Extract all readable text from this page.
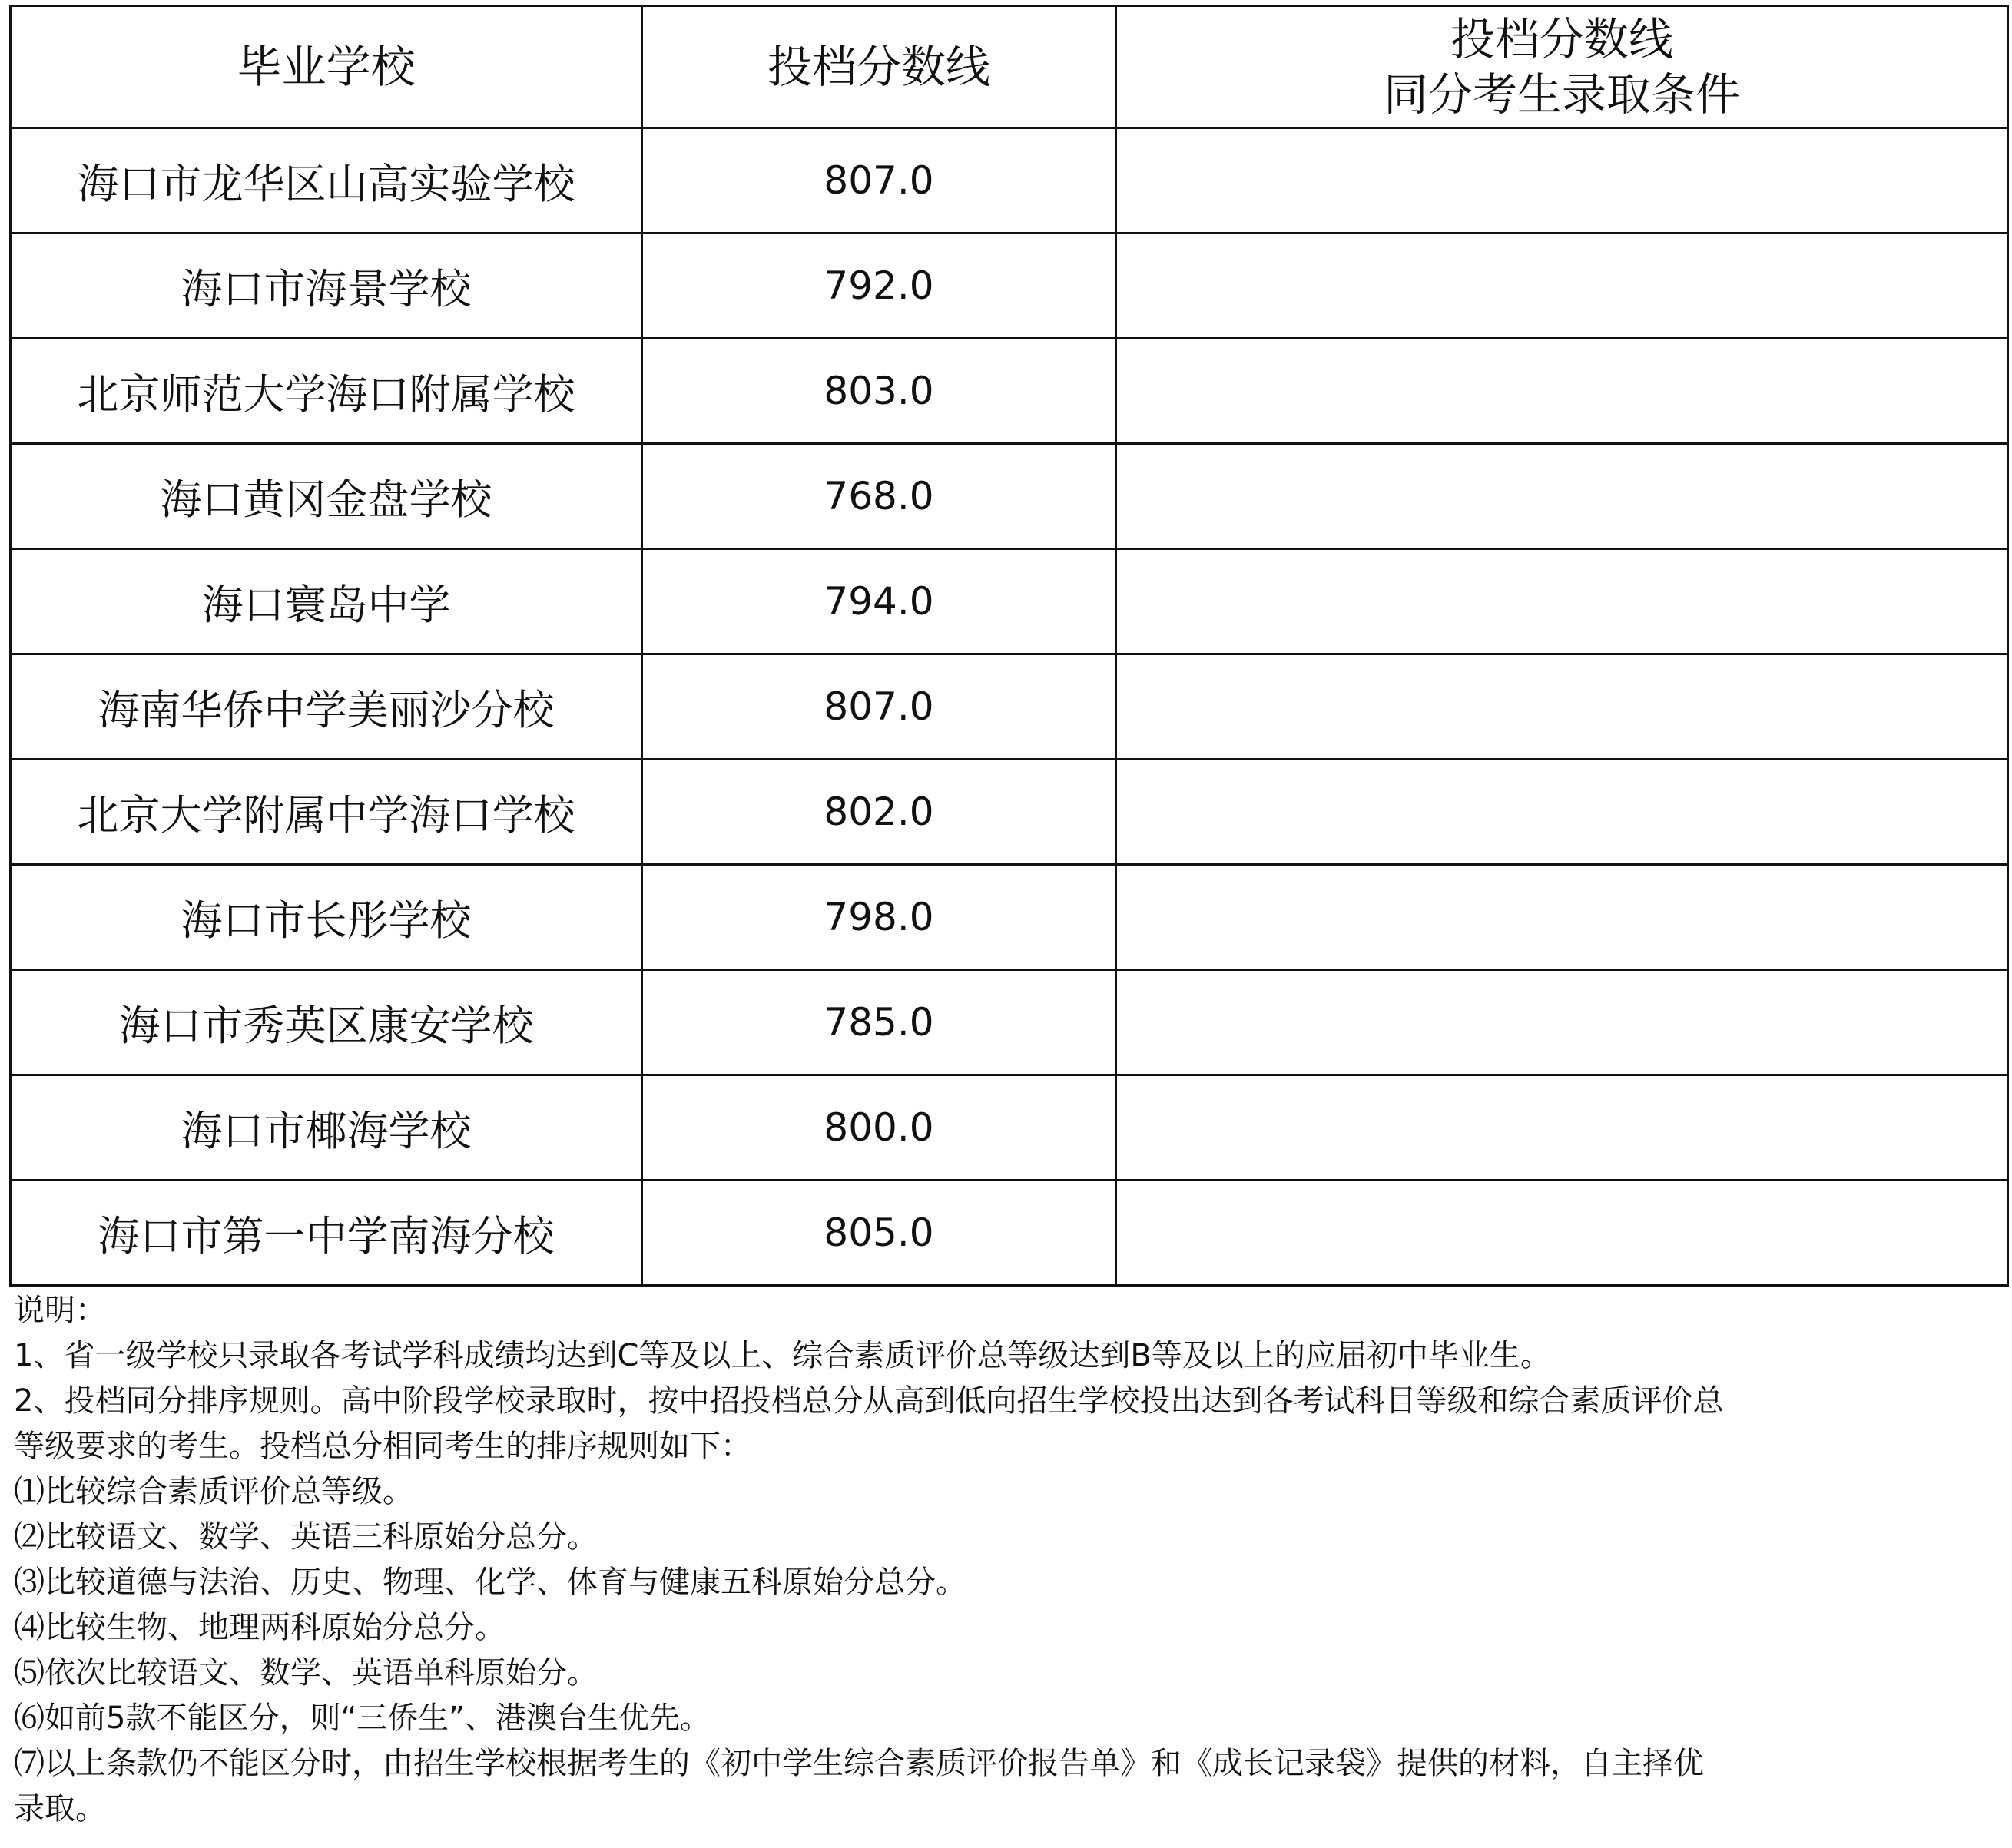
毕业学校	投档分数线	投档分数线
同分考生录取条件

海口市龙华区山高实验学校	807.0	
海口市海景学校	792.0	
北京师范大学海口附属学校	803.0	
海口黄冈金盘学校	768.0	
海口寰岛中学	794.0	
海南华侨中学美丽沙分校	807.0	
北京大学附属中学海口学校	802.0	
海口市长彤学校	798.0	
海口市秀英区康安学校	785.0	
海口市椰海学校	800.0	
海口市第一中学南海分校	805.0	
说明：
1、省一级学校只录取各考试学科成绩均达到C等及以上、综合素质评价总等级达到B等及以上的应届初中毕业生。
2、投档同分排序规则。高中阶段学校录取时，按中招投档总分从高到低向招生学校投出达到各考试科目等级和综合素质评价总
等级要求的考生。投档总分相同考生的排序规则如下：
⑴比较综合素质评价总等级。
⑵比较语文、数学、英语三科原始分总分。
⑶比较道德与法治、历史、物理、化学、体育与健康五科原始分总分。
⑷比较生物、地理两科原始分总分。
⑸依次比较语文、数学、英语单科原始分。
⑹如前5款不能区分，则“三侨生”、港澳台生优先。
⑺以上条款仍不能区分时，由招生学校根据考生的《初中学生综合素质评价报告单》和《成长记录袋》提供的材料，自主择优
录取。
